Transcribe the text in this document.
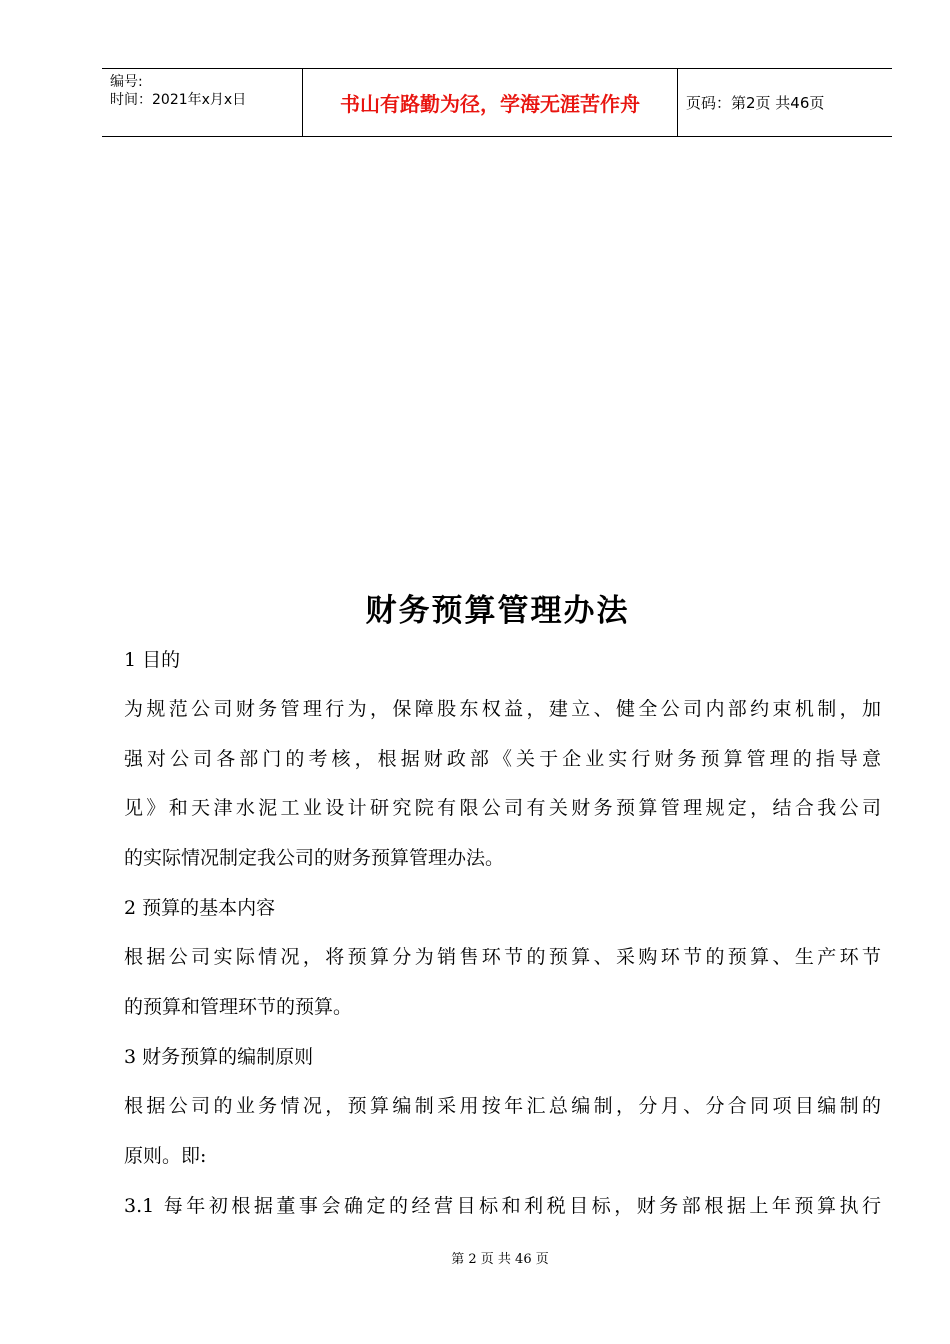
编号:
时间：2021年x月x日	书山有路勤为径，学海无涯苦作舟	页码：第2页 共46页
财务预算管理办法
1 目的
为规范公司财务管理行为，保障股东权益，建立、健全公司内部约束机制，加
强对公司各部门的考核，根据财政部《关于企业实行财务预算管理的指导意
见》和天津水泥工业设计研究院有限公司有关财务预算管理规定，结合我公司
的实际情况制定我公司的财务预算管理办法。
2 预算的基本内容
根据公司实际情况，将预算分为销售环节的预算、采购环节的预算、生产环节
的预算和管理环节的预算。
3 财务预算的编制原则
根据公司的业务情况，预算编制采用按年汇总编制，分月、分合同项目编制的
原则。即:
3.1 每年初根据董事会确定的经营目标和利税目标，财务部根据上年预算执行
第 2 页 共 46 页
